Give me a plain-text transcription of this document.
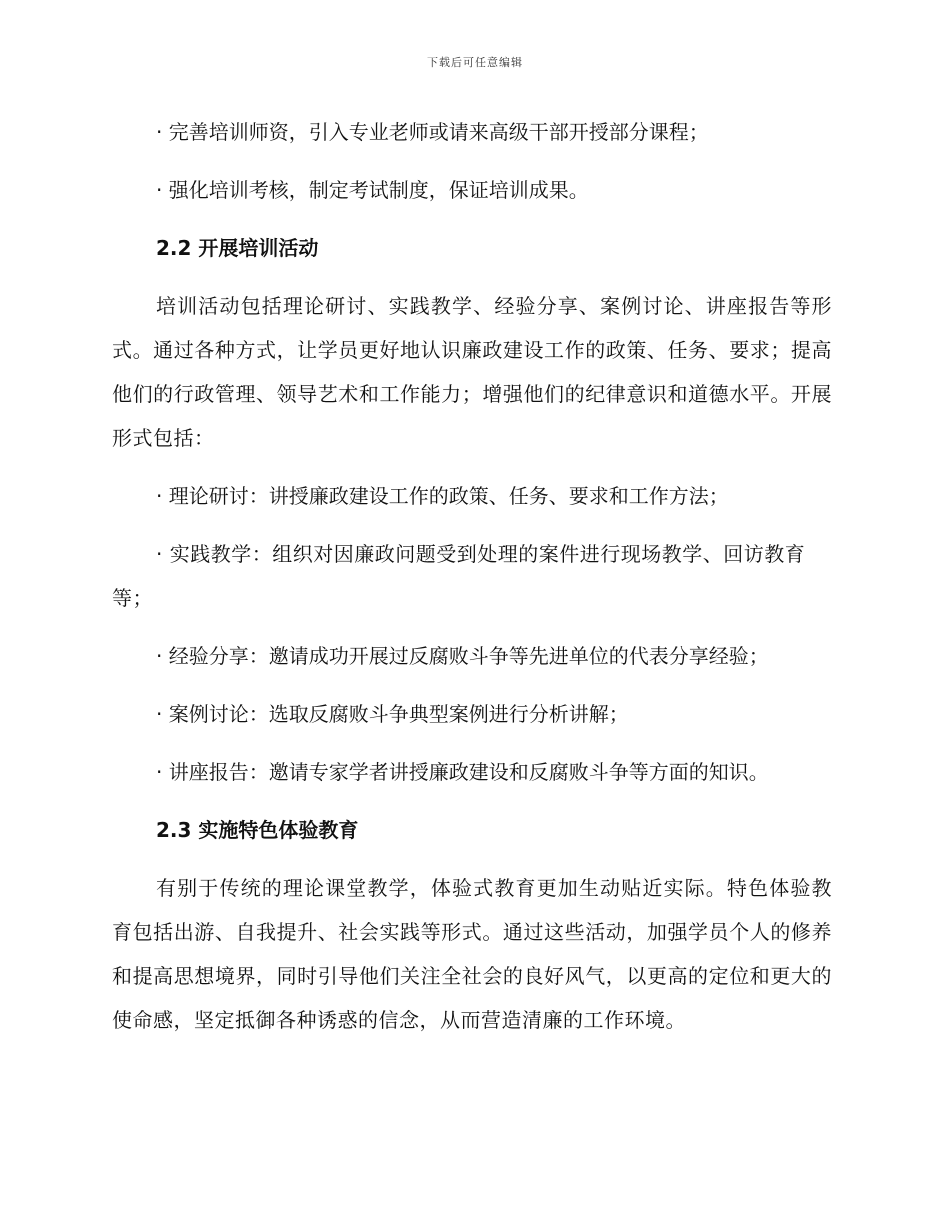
下载后可任意编辑
· 完善培训师资，引入专业老师或请来高级干部开授部分课程；
· 强化培训考核，制定考试制度，保证培训成果。
2.2 开展培训活动
培训活动包括理论研讨、实践教学、经验分享、案例讨论、讲座报告等形式。通过各种方式，让学员更好地认识廉政建设工作的政策、任务、要求；提高他们的行政管理、领导艺术和工作能力；增强他们的纪律意识和道德水平。开展形式包括：
· 理论研讨：讲授廉政建设工作的政策、任务、要求和工作方法；
· 实践教学：组织对因廉政问题受到处理的案件进行现场教学、回访教育等；
· 经验分享：邀请成功开展过反腐败斗争等先进单位的代表分享经验；
· 案例讨论：选取反腐败斗争典型案例进行分析讲解；
· 讲座报告：邀请专家学者讲授廉政建设和反腐败斗争等方面的知识。
2.3 实施特色体验教育
有别于传统的理论课堂教学，体验式教育更加生动贴近实际。特色体验教育包括出游、自我提升、社会实践等形式。通过这些活动，加强学员个人的修养和提高思想境界，同时引导他们关注全社会的良好风气，以更高的定位和更大的使命感，坚定抵御各种诱惑的信念，从而营造清廉的工作环境。
